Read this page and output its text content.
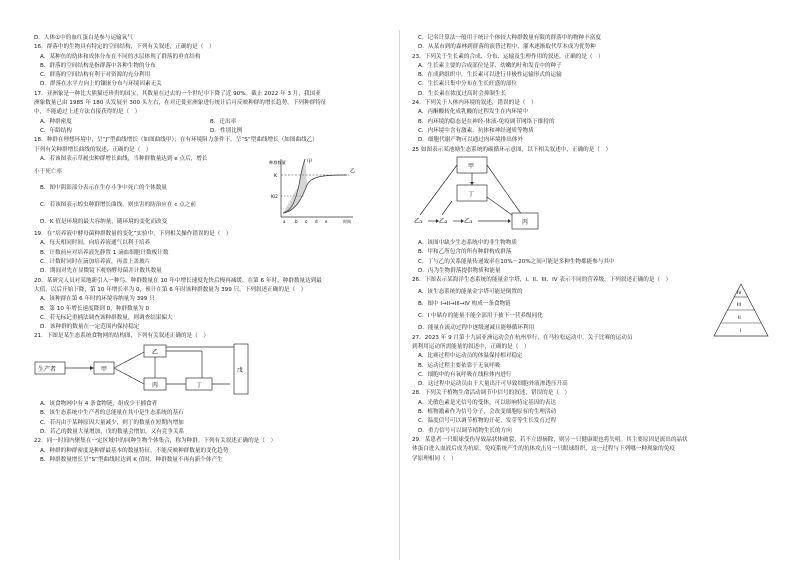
D．人体①中的血红蛋白是参与运输氧气
16．群落中的生物具有特定的空间结构，下列有关叙述，正确的是（　）
A．某种鱼的幼体和成体分布在不同的水层体现了群落的垂直结构
B．群落的空间结构是指群落中各种生物的分布
C．群落的空间结构有利于对资源的充分利用
D．群落在水平方向上的镶嵌分布与环境因素无关
17．亚洲象是一种比大熊猫还珍贵的国宝，其数量在过去的一个世纪中下降了近 90%。截止 2022 年 3 月，我国亚
洲象数量已由 1985 年 180 头发展至 300 头左右，在对迁徙亚洲象进行统计后可反映种群的增长趋势。下列种群特征
中，不能通过上述方法直接获得的是（　）
A．种群密度	B．迁出率
C．年龄结构	D．性别比例
18．种群在理想环境中，呈“J”型曲线增长（如图曲线甲）；在有环境阻力条件下，呈“S”型曲线增长（如图曲线乙）
下列有关种群增长曲线的叙述，正确的是（　）
A．若该图表示草履虫种群增长曲线，当种群数量达到 e 点后，增长
小于死亡率
B．图中阴影部分表示在生存斗争中死亡的个体数量
C．若该图表示蝗虫种群增长曲线，则虫害的防治应在 c 点之前
D．K 值是环境的最大容纳量，随环境的变化而改变
种群数量
K
K/2
甲
乙
a b c d e	时间
19．在“培养液中酵母菌种群数量的变化”实验中，下列相关操作错误的是（　）
A．每天相同时间，向培养液通气以利于培养
B．计数前应对培养液先静置 1 滴血细胞计数板计数
C．计数时同时在滴加培养液，再盖上盖玻片
D．期间对先在显微镜下观察酵母菌并计数其数量
20．某研究人员对某地新引入一种鸟，种群数量在 10 年中增长速度先快后慢再减缓，在第 6 年时，种群数量达到最
大值，以后开始下降，第 10 年增长率为 0，预计在第 6 年时该种群数量为 399 只，下列叙述正确的是（　）
A．该种群在第 6 年时的环境容纳量为 399 只
B．第 10 年增长速度降到 0，种群数量为 0
C．若无标记重捕法调查该种群数量，则调查结果偏大
D．该种群的数量在一定范围内保持稳定
21．下图是某生态系统食物网的结构图，下列有关叙述正确的是（　）
生产者	甲
乙
丙	丁
戊
A．该食物网中有 4 条食物链，组成少于捕食者
B．该生态系统中生产者的总能量在其中是生态系统的基石
C．若丙由于某种原因大量减少，则丁的数量在短期内增加
D．若乙的数量大量增加，戊的数量会增加，又有竞争关系
22．同一时间内聚集在一定区域中的同种生物个体集合，称为种群。下列有关叙述正确的是（　）
A．种群的种群密度是种群最基本的数量特征，不能反映种群数量的变化趋势
B．种群数量增长呈“S”型曲线时达到 K 值时，种群数量不再有新个体产生
C．记名计算法一般用于统计个体较大种群数量有限的群落中的物种丰富度
D．从某市到的森林到群落的演替过程中，灌木逐渐取代草本成为优势种
23．下列关于生长素的合成、分布、运输及生理作用的叙述，正确的是（　）
A．生长素主要的合成部位是芽、幼嫩的叶和发育中的种子
B．在成熟组织中，生长素可以进行非极性运输形式的运输
C．生长素只集中分布在生长旺盛的部位
D．生长素在浓度过高时会抑制生长
24．下列关于人体内环境的叙述，错误的是（　）
A．丙酮酸转化成乳酸的过程发生在内环境中
B．内环境的稳态是在神经-体液-免疫调节网络下维持的
C．内环境中含有激素、抗体和神经递质等物质
D．细胞代谢产物可以通过内环境排出体外
25 如图表示某池塘生态系统的碳循环示意图，以下相关叙述中，正确的是（　）
甲
丁
乙₁	乙₂	乙₃	丙
A．该图中缺少生态系统中的非生物物质
B．甲和乙所包含的所有种群构成群落
C．丁与乙的关系能量传递效率在10%～20%之间可能是多种生物都能参与其中
D．丙为生物群落提供物质和能量
26．下图表示某海洋生态系统的能量金字塔，I、II、III、IV 表示不同的营养级。下列叙述正确的是（　）
A．该生态系统的能量金字塔可能是倒置的
B．图中 I→II→III→IV 构成一条食物链
C．I 中储存的能量不能全部用于被下一营养级同化
D．能量在流动过程中逐级递减且能够循环利用
IV
III
II
I
27．2023 年 9 月第十九届亚洲运动会在杭州举行，在马拉松运动中，关于比赛的运动员
到利用运动所需能量的叙述中，正确的是（　）
A．比赛过程中运动员的体温保持相对稳定
B．运动过程主要依靠于无氧呼吸
C．细胞中的有氧呼吸在线粒体内进行
D．这过程中运动员由于大量出汗可导致细胞外液渗透压升高
28．下列关于植物生命活动调节中信号的叙述，错误的是（　）
A．光敏色素是光信号的受体，可以影响特定基因的表达
B．植物激素作为信号分子，会改变细胞原有的生理活动
C．温度信号可以调节植物的开花、发芽等生长发育过程
D．重力信号可以调节植物生长的方向
29．某患者一只眼球受伤导致晶状体破裂，若不立即摘除，则另一只健康眼也将失明。其主要原因是流出的晶状
体蛋白进入血液后成为抗原，免疫系统产生的抗体攻击另一只眼球组织，这一过程与下列哪一种现象的免疫
学原理相同（　）
